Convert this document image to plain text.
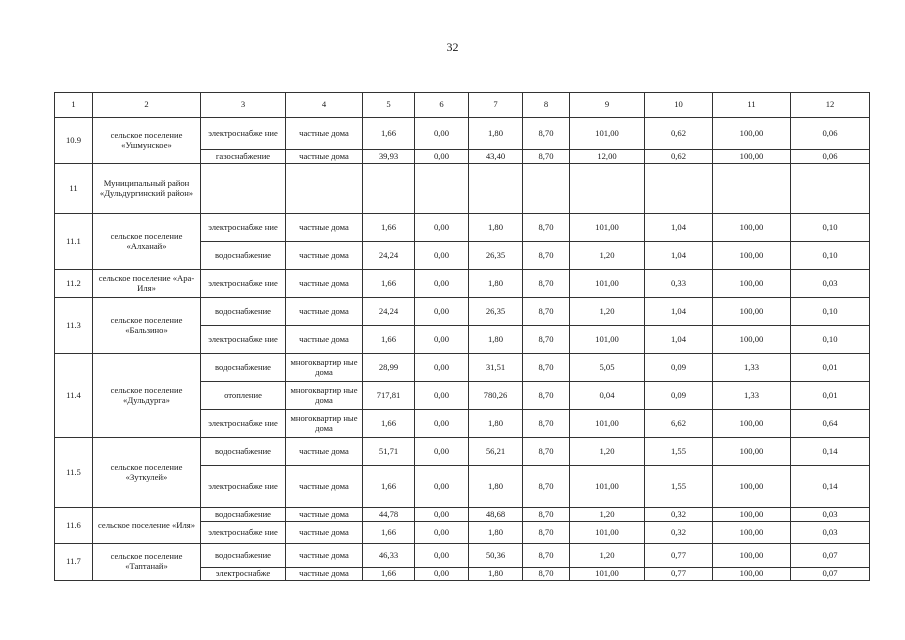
32
1	2	3	4	5	6	7	8	9	10	11	12
10.9	сельское поселение «Ушмунское»	электроснабже ние	частные дома	1,66	0,00	1,80	8,70	101,00	0,62	100,00	0,06
		газоснабжение	частные дома	39,93	0,00	43,40	8,70	12,00	0,62	100,00	0,06
11	Муниципальный район «Дульдургинский район»										
11.1	сельское поселение «Алханай»	электроснабже ние	частные дома	1,66	0,00	1,80	8,70	101,00	1,04	100,00	0,10
		водоснабжение	частные дома	24,24	0,00	26,35	8,70	1,20	1,04	100,00	0,10
11.2	сельское поселение «Ара-Иля»	электроснабже ние	частные дома	1,66	0,00	1,80	8,70	101,00	0,33	100,00	0,03
11.3	сельское поселение «Бальзино»	водоснабжение	частные дома	24,24	0,00	26,35	8,70	1,20	1,04	100,00	0,10
		электроснабже ние	частные дома	1,66	0,00	1,80	8,70	101,00	1,04	100,00	0,10
11.4	сельское поселение «Дульдурга»	водоснабжение	многоквартир ные дома	28,99	0,00	31,51	8,70	5,05	0,09	1,33	0,01
		отопление	многоквартир ные дома	717,81	0,00	780,26	8,70	0,04	0,09	1,33	0,01
		электроснабже ние	многоквартир ные дома	1,66	0,00	1,80	8,70	101,00	6,62	100,00	0,64
11.5	сельское поселение «Зуткулей»	водоснабжение	частные дома	51,71	0,00	56,21	8,70	1,20	1,55	100,00	0,14
		электроснабже ние	частные дома	1,66	0,00	1,80	8,70	101,00	1,55	100,00	0,14
11.6	сельское поселение «Иля»	водоснабжение	частные дома	44,78	0,00	48,68	8,70	1,20	0,32	100,00	0,03
		электроснабже ние	частные дома	1,66	0,00	1,80	8,70	101,00	0,32	100,00	0,03
11.7	сельское поселение «Таптанай»	водоснабжение	частные дома	46,33	0,00	50,36	8,70	1,20	0,77	100,00	0,07
		электроснабже	частные дома	1,66	0,00	1,80	8,70	101,00	0,77	100,00	0,07
